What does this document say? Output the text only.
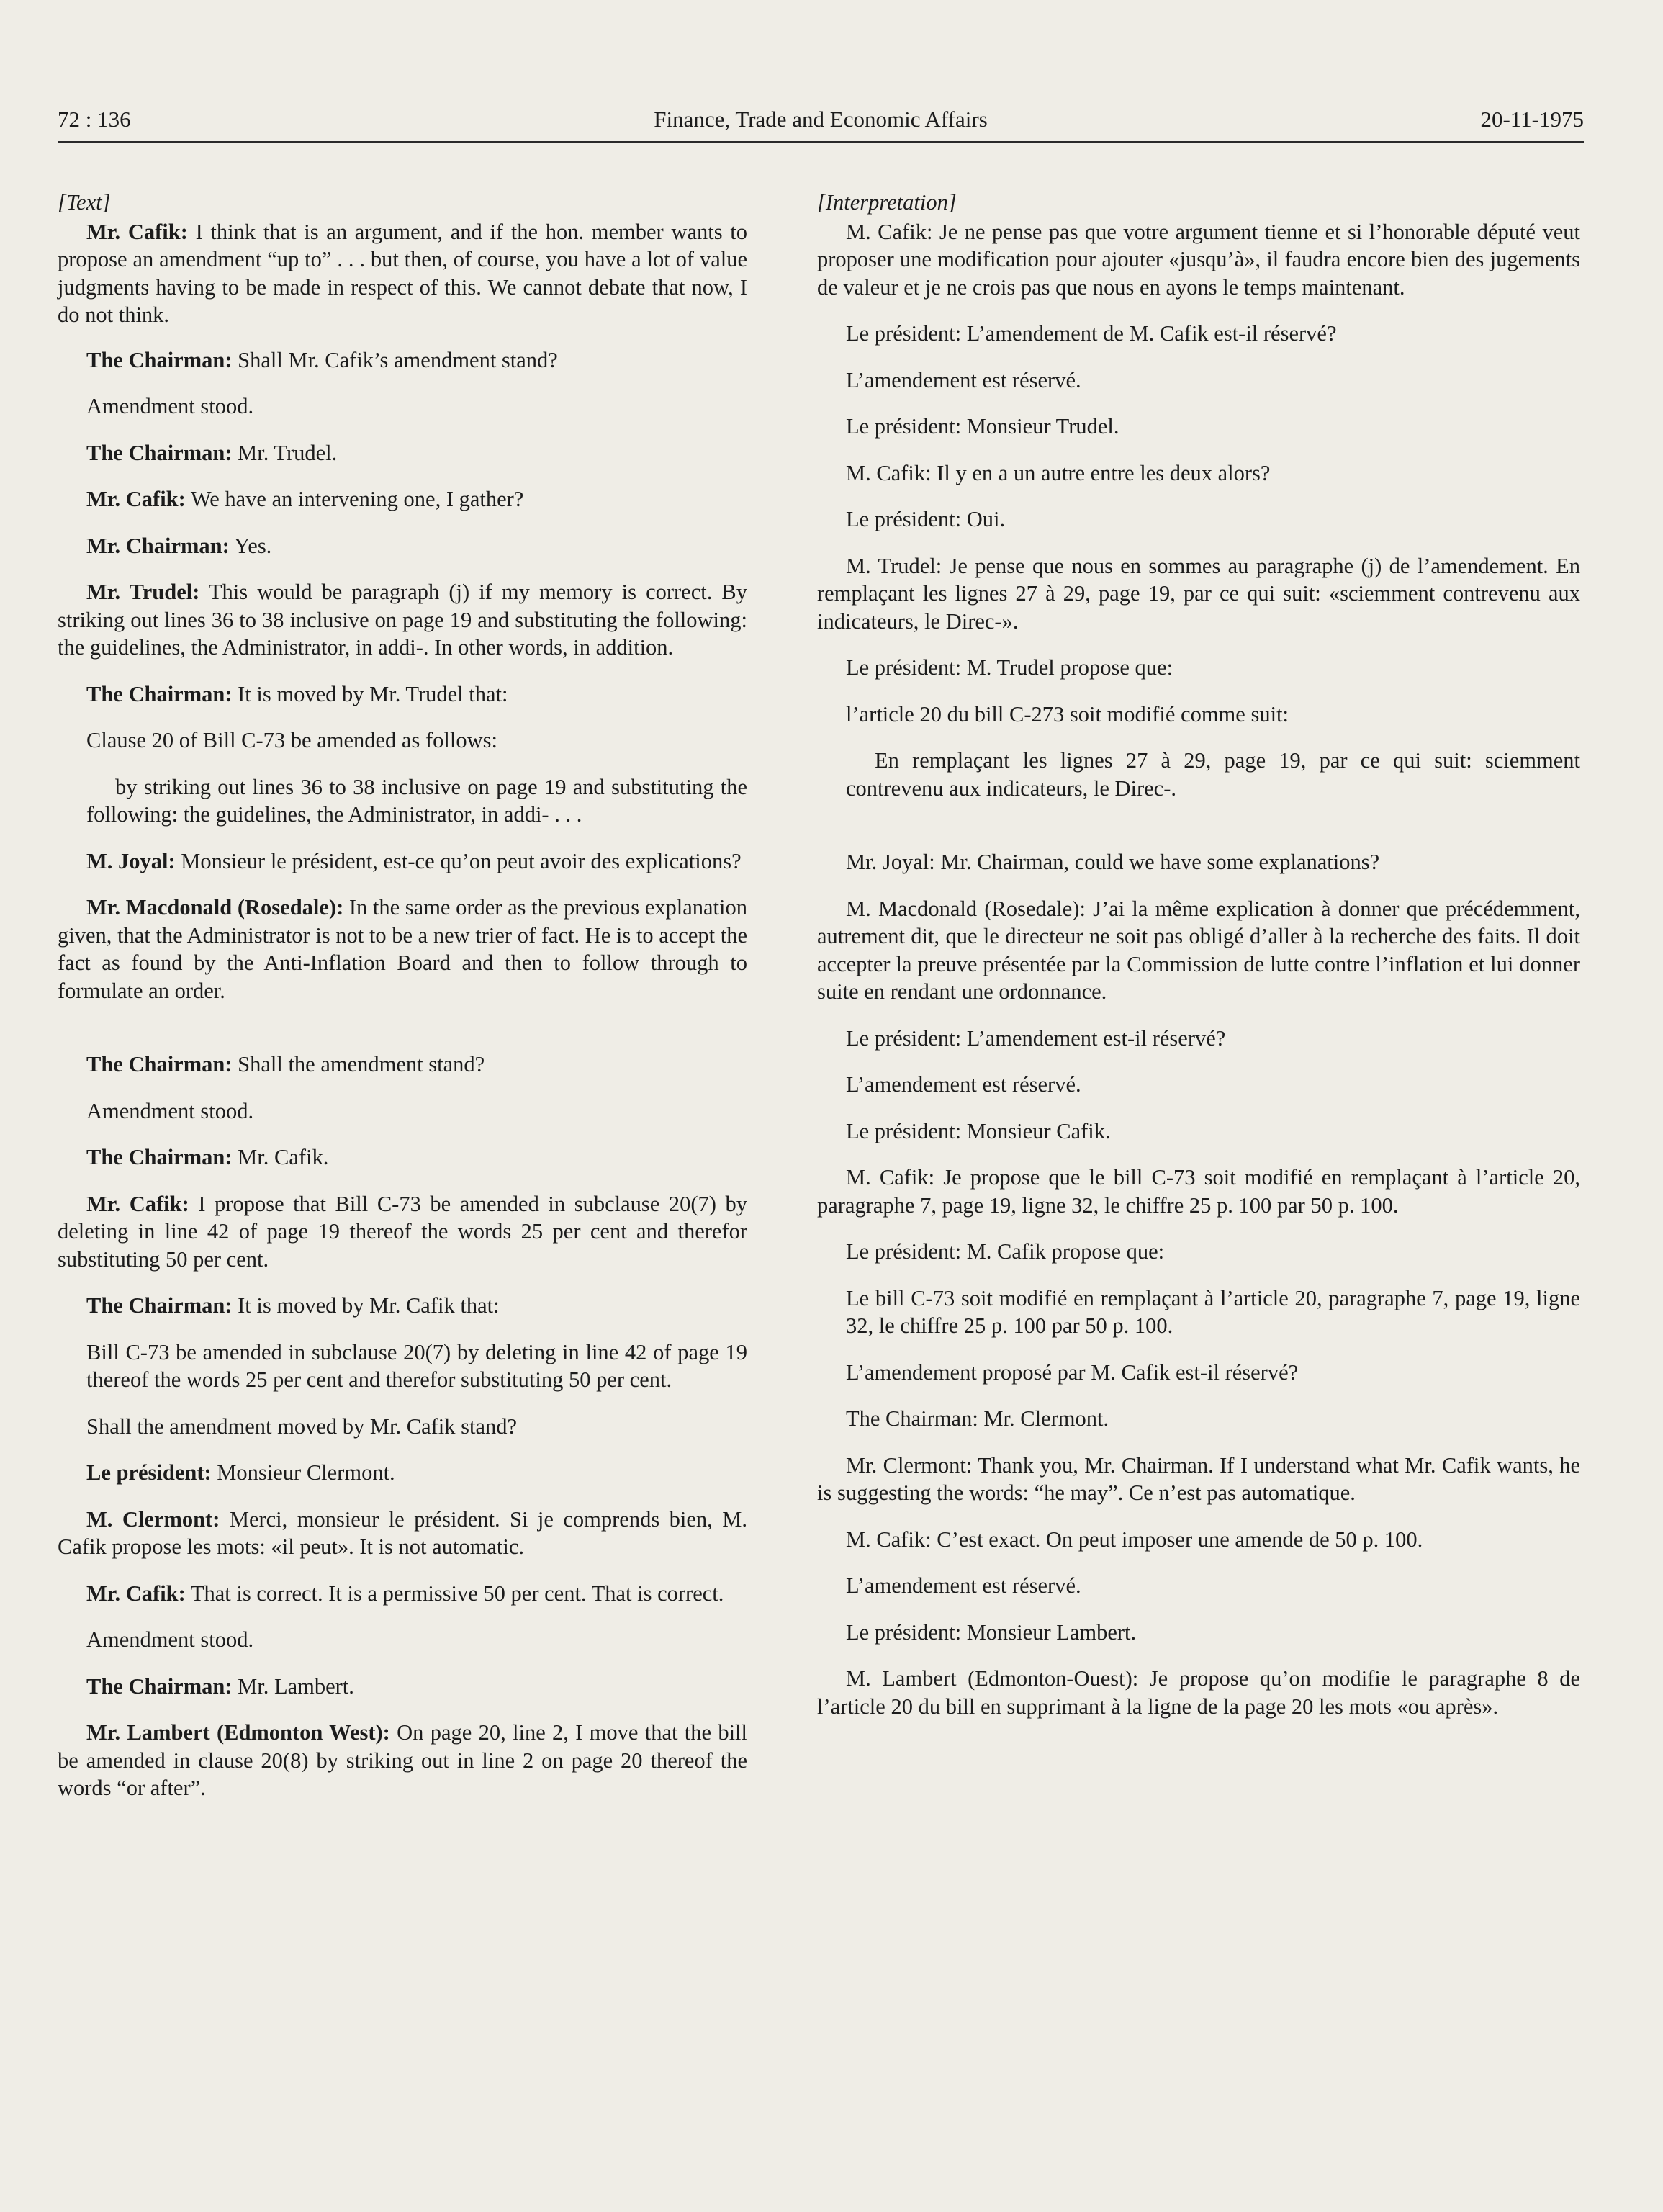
Finance, Trade and Economic Affairs
72 : 136	20-11-1975
[Text]

Mr. Cafik: I think that is an argument, and if the hon. member wants to propose an amendment “up to” . . . but then, of course, you have a lot of value judgments having to be made in respect of this. We cannot debate that now, I do not think.

The Chairman: Shall Mr. Cafik’s amendment stand?

Amendment stood.

The Chairman: Mr. Trudel.

Mr. Cafik: We have an intervening one, I gather?

Mr. Chairman: Yes.

Mr. Trudel: This would be paragraph (j) if my memory is correct. By striking out lines 36 to 38 inclusive on page 19 and substituting the following: the guidelines, the Administrator, in addi-. In other words, in addition.

The Chairman: It is moved by Mr. Trudel that:

Clause 20 of Bill C-73 be amended as follows:

by striking out lines 36 to 38 inclusive on page 19 and substituting the following: the guidelines, the Administrator, in addi- . . .

M. Joyal: Monsieur le président, est-ce qu’on peut avoir des explications?

Mr. Macdonald (Rosedale): In the same order as the previous explanation given, that the Administrator is not to be a new trier of fact. He is to accept the fact as found by the Anti-Inflation Board and then to follow through to formulate an order.

The Chairman: Shall the amendment stand?

Amendment stood.

The Chairman: Mr. Cafik.

Mr. Cafik: I propose that Bill C-73 be amended in subclause 20(7) by deleting in line 42 of page 19 thereof the words 25 per cent and therefor substituting 50 per cent.

The Chairman: It is moved by Mr. Cafik that:

Bill C-73 be amended in subclause 20(7) by deleting in line 42 of page 19 thereof the words 25 per cent and therefor substituting 50 per cent.

Shall the amendment moved by Mr. Cafik stand?

Le président: Monsieur Clermont.

M. Clermont: Merci, monsieur le président. Si je comprends bien, M. Cafik propose les mots: «il peut». It is not automatic.

Mr. Cafik: That is correct. It is a permissive 50 per cent. That is correct.

Amendment stood.

The Chairman: Mr. Lambert.

Mr. Lambert (Edmonton West): On page 20, line 2, I move that the bill be amended in clause 20(8) by striking out in line 2 on page 20 thereof the words “or after”.

[Interpretation]

M. Cafik: Je ne pense pas que votre argument tienne et si l’honorable député veut proposer une modification pour ajouter «jusqu’à», il faudra encore bien des jugements de valeur et je ne crois pas que nous en ayons le temps maintenant.

Le président: L’amendement de M. Cafik est-il réservé?

L’amendement est réservé.

Le président: Monsieur Trudel.

M. Cafik: Il y en a un autre entre les deux alors?

Le président: Oui.

M. Trudel: Je pense que nous en sommes au paragraphe (j) de l’amendement. En remplaçant les lignes 27 à 29, page 19, par ce qui suit: «sciemment contrevenu aux indicateurs, le Direc-».

Le président: M. Trudel propose que:

l’article 20 du bill C-273 soit modifié comme suit:

En remplaçant les lignes 27 à 29, page 19, par ce qui suit: sciemment contrevenu aux indicateurs, le Direc-.

Mr. Joyal: Mr. Chairman, could we have some explanations?

M. Macdonald (Rosedale): J’ai la même explication à donner que précédemment, autrement dit, que le directeur ne soit pas obligé d’aller à la recherche des faits. Il doit accepter la preuve présentée par la Commission de lutte contre l’inflation et lui donner suite en rendant une ordonnance.

Le président: L’amendement est-il réservé?

L’amendement est réservé.

Le président: Monsieur Cafik.

M. Cafik: Je propose que le bill C-73 soit modifié en remplaçant à l’article 20, paragraphe 7, page 19, ligne 32, le chiffre 25 p. 100 par 50 p. 100.

Le président: M. Cafik propose que:

Le bill C-73 soit modifié en remplaçant à l’article 20, paragraphe 7, page 19, ligne 32, le chiffre 25 p. 100 par 50 p. 100.

L’amendement proposé par M. Cafik est-il réservé?

The Chairman: Mr. Clermont.

Mr. Clermont: Thank you, Mr. Chairman. If I understand what Mr. Cafik wants, he is suggesting the words: “he may”. Ce n’est pas automatique.

M. Cafik: C’est exact. On peut imposer une amende de 50 p. 100.

L’amendement est réservé.

Le président: Monsieur Lambert.

M. Lambert (Edmonton-Ouest): Je propose qu’on modifie le paragraphe 8 de l’article 20 du bill en supprimant à la ligne de la page 20 les mots «ou après».
